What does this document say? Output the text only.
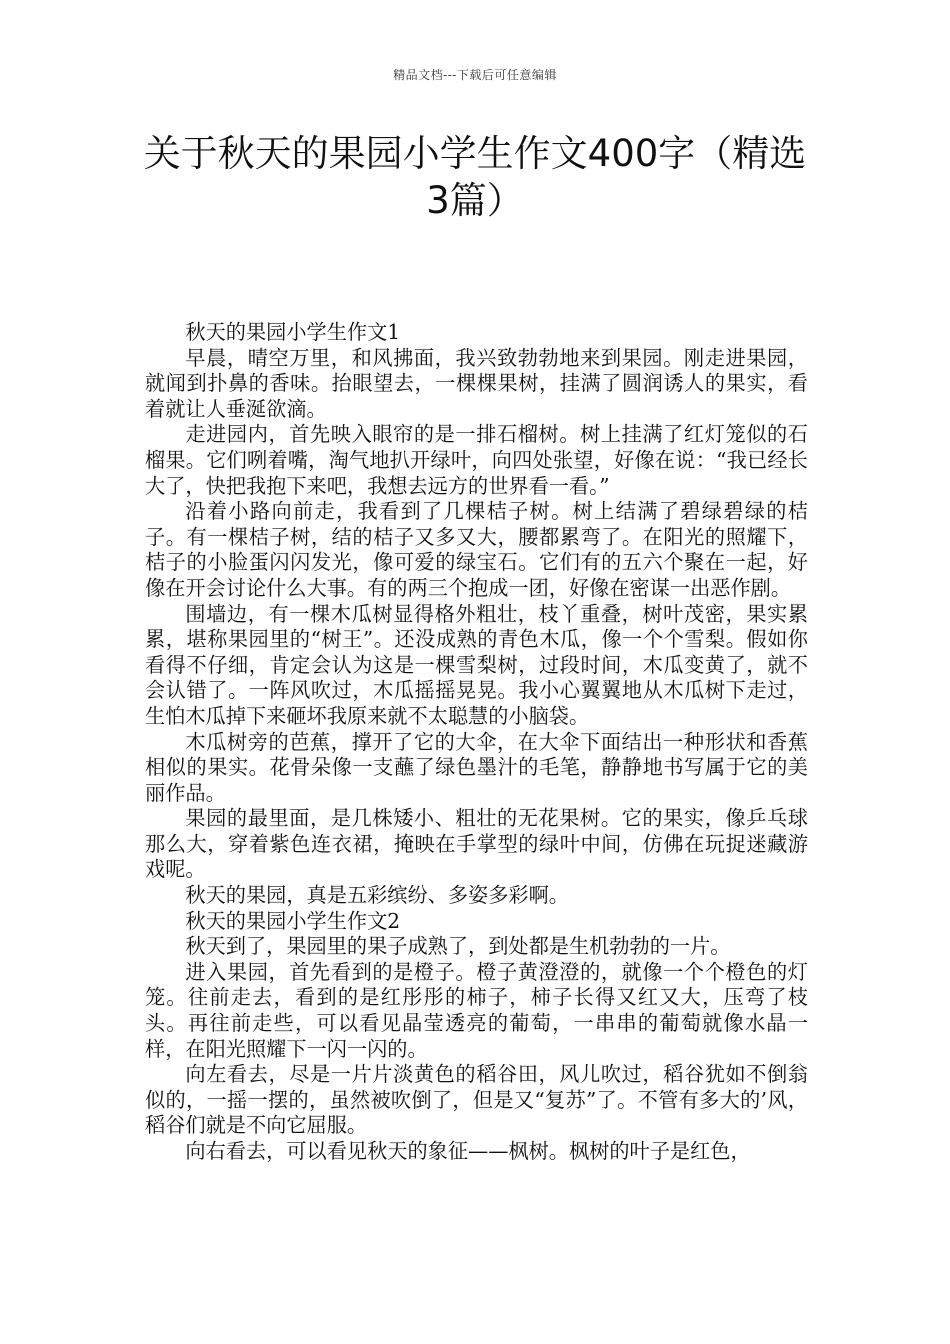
精品文档---下载后可任意编辑
关于秋天的果园小学生作文400字（精选3篇）

秋天的果园小学生作文1

早晨，晴空万里，和风拂面，我兴致勃勃地来到果园。刚走进果园，就闻到扑鼻的香味。抬眼望去，一棵棵果树，挂满了圆润诱人的果实，看着就让人垂涎欲滴。

走进园内，首先映入眼帘的是一排石榴树。树上挂满了红灯笼似的石榴果。它们咧着嘴，淘气地扒开绿叶，向四处张望，好像在说：“我已经长大了，快把我抱下来吧，我想去远方的世界看一看。”

沿着小路向前走，我看到了几棵桔子树。树上结满了碧绿碧绿的桔子。有一棵桔子树，结的桔子又多又大，腰都累弯了。在阳光的照耀下，桔子的小脸蛋闪闪发光，像可爱的绿宝石。它们有的五六个聚在一起，好像在开会讨论什么大事。有的两三个抱成一团，好像在密谋一出恶作剧。

围墙边，有一棵木瓜树显得格外粗壮，枝丫重叠，树叶茂密，果实累累，堪称果园里的“树王”。还没成熟的青色木瓜，像一个个雪梨。假如你看得不仔细，肯定会认为这是一棵雪梨树，过段时间，木瓜变黄了，就不会认错了。一阵风吹过，木瓜摇摇晃晃。我小心翼翼地从木瓜树下走过，生怕木瓜掉下来砸坏我原来就不太聪慧的小脑袋。

木瓜树旁的芭蕉，撑开了它的大伞，在大伞下面结出一种形状和香蕉相似的果实。花骨朵像一支蘸了绿色墨汁的毛笔，静静地书写属于它的美丽作品。

果园的最里面，是几株矮小、粗壮的无花果树。它的果实，像乒乓球那么大，穿着紫色连衣裙，掩映在手掌型的绿叶中间，仿佛在玩捉迷藏游戏呢。

秋天的果园，真是五彩缤纷、多姿多彩啊。

秋天的果园小学生作文2

秋天到了，果园里的果子成熟了，到处都是生机勃勃的一片。

进入果园，首先看到的是橙子。橙子黄澄澄的，就像一个个橙色的灯笼。往前走去，看到的是红彤彤的柿子，柿子长得又红又大，压弯了枝头。再往前走些，可以看见晶莹透亮的葡萄，一串串的葡萄就像水晶一样，在阳光照耀下一闪一闪的。

向左看去，尽是一片片淡黄色的稻谷田，风儿吹过，稻谷犹如不倒翁似的，一摇一摆的，虽然被吹倒了，但是又“复苏”了。不管有多大的’风，稻谷们就是不向它屈服。

向右看去，可以看见秋天的象征——枫树。枫树的叶子是红色，
